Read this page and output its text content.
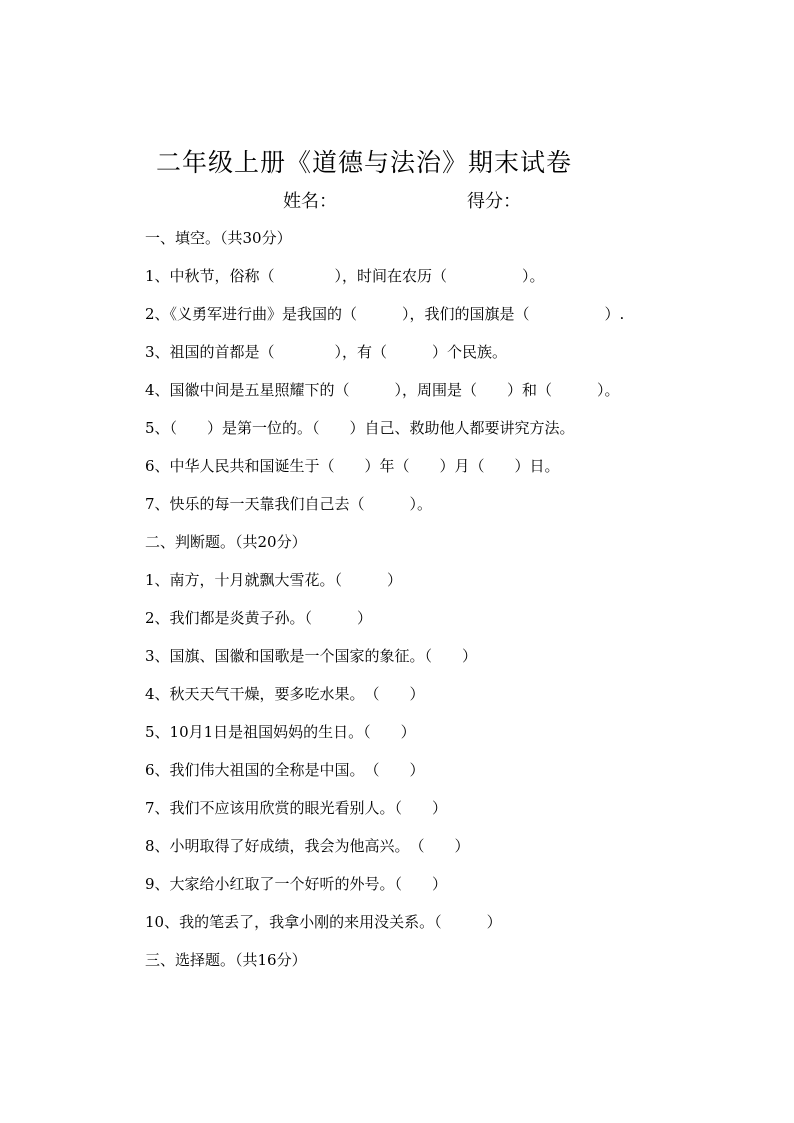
二年级上册《道德与法治》期末试卷
姓名：	得分：
一、填空。（共30分）
1、中秋节，俗称（　　　　），时间在农历（　　　　　）。
2、《义勇军进行曲》是我国的（　　　），我们的国旗是（　　　　　）.
3、祖国的首都是（　　　　），有（　　　）个民族。
4、国徽中间是五星照耀下的（　　　），周围是（　　）和（　　　）。
5、（　　）是第一位的。（　　）自己、救助他人都要讲究方法。
6、中华人民共和国诞生于（　　）年（　　）月（　　）日。
7、快乐的每一天靠我们自己去（　　　）。
二、判断题。（共20分）
1、南方，十月就飘大雪花。（　　　）
2、我们都是炎黄子孙。（　　　）
3、国旗、国徽和国歌是一个国家的象征。（　　）
4、秋天天气干燥，要多吃水果。　（　　）
5、10月1日是祖国妈妈的生日。（　　）
6、我们伟大祖国的全称是中国。　（　　）
7、我们不应该用欣赏的眼光看别人。（　　）
8、小明取得了好成绩，我会为他高兴。　（　　）
9、大家给小红取了一个好听的外号。（　　）
10、我的笔丢了，我拿小刚的来用没关系。（　　　）
三、选择题。（共16分）
